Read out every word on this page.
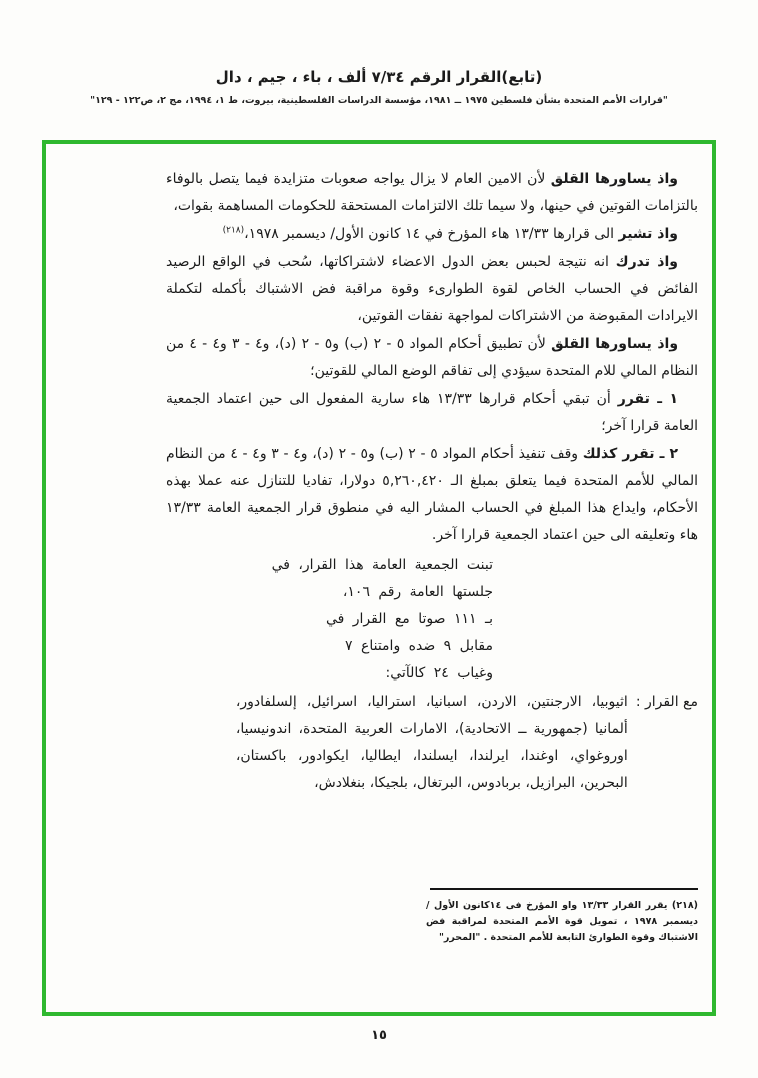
(تابع)القرار الرقم ٧/٣٤ ألف ، باء ، جيم ، دال
"قرارات الأمم المتحدة بشأن فلسطين ١٩٧٥ ــ ١٩٨١، مؤسسة الدراسات الفلسطينية، بيروت، ط ١، ١٩٩٤، مج ٢، ص١٢٢ - ١٢٩"

واذ يساورها القلق لأن الامين العام لا يزال يواجه صعوبات متزايدة فيما يتصل بالوفاء بالتزامات القوتين في حينها، ولا سيما تلك الالتزامات المستحقة للحكومات المساهمة بقوات،

واذ تشير الى قرارها ١٣/٣٣ هاء المؤرخ في ١٤ كانون الأول/ ديسمبر ١٩٧٨،$^{(٢١٨)}$

واذ تدرك انه نتيجة لحبس بعض الدول الاعضاء لاشتراكاتها، سُحب في الواقع الرصيد الفائض في الحساب الخاص لقوة الطوارىء وقوة مراقبة فض الاشتباك بأكمله لتكملة الايرادات المقبوضة من الاشتراكات لمواجهة نفقات القوتين،

واذ يساورها القلق لأن تطبيق أحكام المواد ٥ - ٢ (ب) و٥ - ٢ (د)، و٤ - ٣ و٤ - ٤ من النظام المالي للام المتحدة سيؤدي إلى تفاقم الوضع المالي للقوتين؛

١ ـ تقرر أن تبقي أحكام قرارها ١٣/٣٣ هاء سارية المفعول الى حين اعتماد الجمعية العامة قرارا آخر؛

٢ ـ تقرر كذلك وقف تنفيذ أحكام المواد ٥ - ٢ (ب) و٥ - ٢ (د)، و٤ - ٣ و٤ - ٤ من النظام المالي للأمم المتحدة فيما يتعلق بمبلغ الـ ٥,٢٦٠,٤٢٠ دولارا، تفاديا للتنازل عنه عملا بهذه الأحكام، وايداع هذا المبلغ في الحساب المشار اليه في منطوق قرار الجمعية العامة ١٣/٣٣ هاء وتعليقه الى حين اعتماد الجمعية قرارا آخر.

تبنت الجمعية العامة هذا القرار، في
جلستها العامة رقم ١٠٦،
بـ ١١١ صوتا مع القرار في
مقابل ٩ ضده وامتناع ٧
وغياب ٢٤ كالآتي:
مع القرار :
اثيوبيا، الارجنتين، الاردن، اسبانيا، استراليا، اسرائيل، إلسلفادور، ألمانيا (جمهورية ــ الاتحادية)، الامارات العربية المتحدة، اندونيسيا، اوروغواي، اوغندا، ايرلندا، ايسلندا، ايطاليا، ايكوادور، باكستان، البحرين، البرازيل، بربادوس، البرتغال، بلجيكا، بنغلادش،

(٢١٨) يقرر القرار ١٣/٣٣ واو المؤرخ فى ١٤كانون الأول / ديسمبر ١٩٧٨ ، تمويل قوة الأمم المتحدة لمراقبة فض الاشتباك وقوة الطوارئ التابعة للأمم المتحدة . "المحرر"

١٥
